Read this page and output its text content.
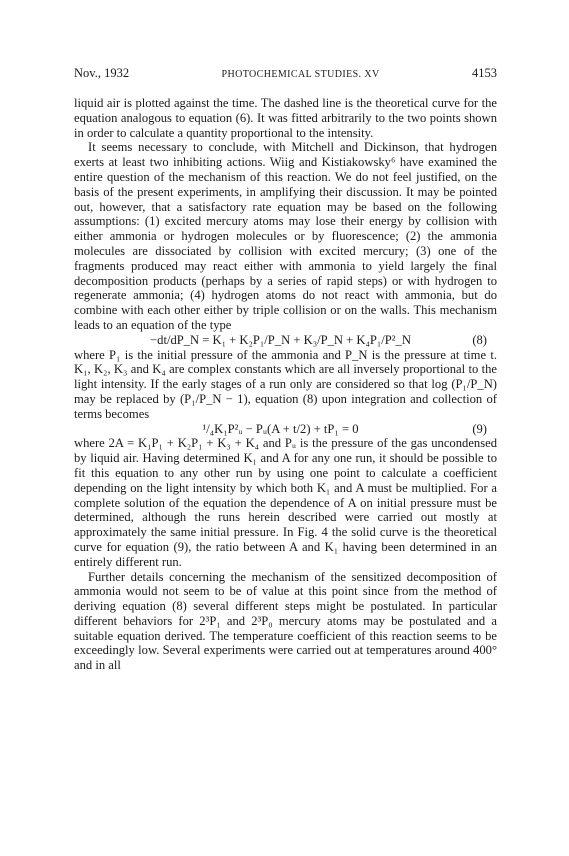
Nov., 1932	PHOTOCHEMICAL STUDIES. XV	4153

liquid air is plotted against the time. The dashed line is the theoretical curve for the equation analogous to equation (6). It was fitted arbitrarily to the two points shown in order to calculate a quantity proportional to the intensity.

It seems necessary to conclude, with Mitchell and Dickinson, that hydrogen exerts at least two inhibiting actions. Wiig and Kistiakowsky⁶ have examined the entire question of the mechanism of this reaction. We do not feel justified, on the basis of the present experiments, in amplifying their discussion. It may be pointed out, however, that a satisfactory rate equation may be based on the following assumptions: (1) excited mercury atoms may lose their energy by collision with either ammonia or hydrogen molecules or by fluorescence; (2) the ammonia molecules are dissociated by collision with excited mercury; (3) one of the fragments produced may react either with ammonia to yield largely the final decomposition products (perhaps by a series of rapid steps) or with hydrogen to regenerate ammonia; (4) hydrogen atoms do not react with ammonia, but do combine with each other either by triple collision or on the walls. This mechanism leads to an equation of the type

−dt/dP_N = K₁ + K₂P₁/P_N + K₃/P_N + K₄P₁/P²_N	(8)

where P₁ is the initial pressure of the ammonia and P_N is the pressure at time t. K₁, K₂, K₃ and K₄ are complex constants which are all inversely proportional to the light intensity. If the early stages of a run only are considered so that log (P₁/P_N) may be replaced by (P₁/P_N − 1), equation (8) upon integration and collection of terms becomes

¹/₄K₁P²ᵤ − Pᵤ(A + t/2) + tP₁ = 0	(9)

where 2A = K₁P₁ + K₂P₁ + K₃ + K₄ and Pᵤ is the pressure of the gas uncondensed by liquid air. Having determined K₁ and A for any one run, it should be possible to fit this equation to any other run by using one point to calculate a coefficient depending on the light intensity by which both K₁ and A must be multiplied. For a complete solution of the equation the dependence of A on initial pressure must be determined, although the runs herein described were carried out mostly at approximately the same initial pressure. In Fig. 4 the solid curve is the theoretical curve for equation (9), the ratio between A and K₁ having been determined in an entirely different run.

Further details concerning the mechanism of the sensitized decomposition of ammonia would not seem to be of value at this point since from the method of deriving equation (8) several different steps might be postulated. In particular different behaviors for 2³P₁ and 2³P₀ mercury atoms may be postulated and a suitable equation derived. The temperature coefficient of this reaction seems to be exceedingly low. Several experiments were carried out at temperatures around 400° and in all
